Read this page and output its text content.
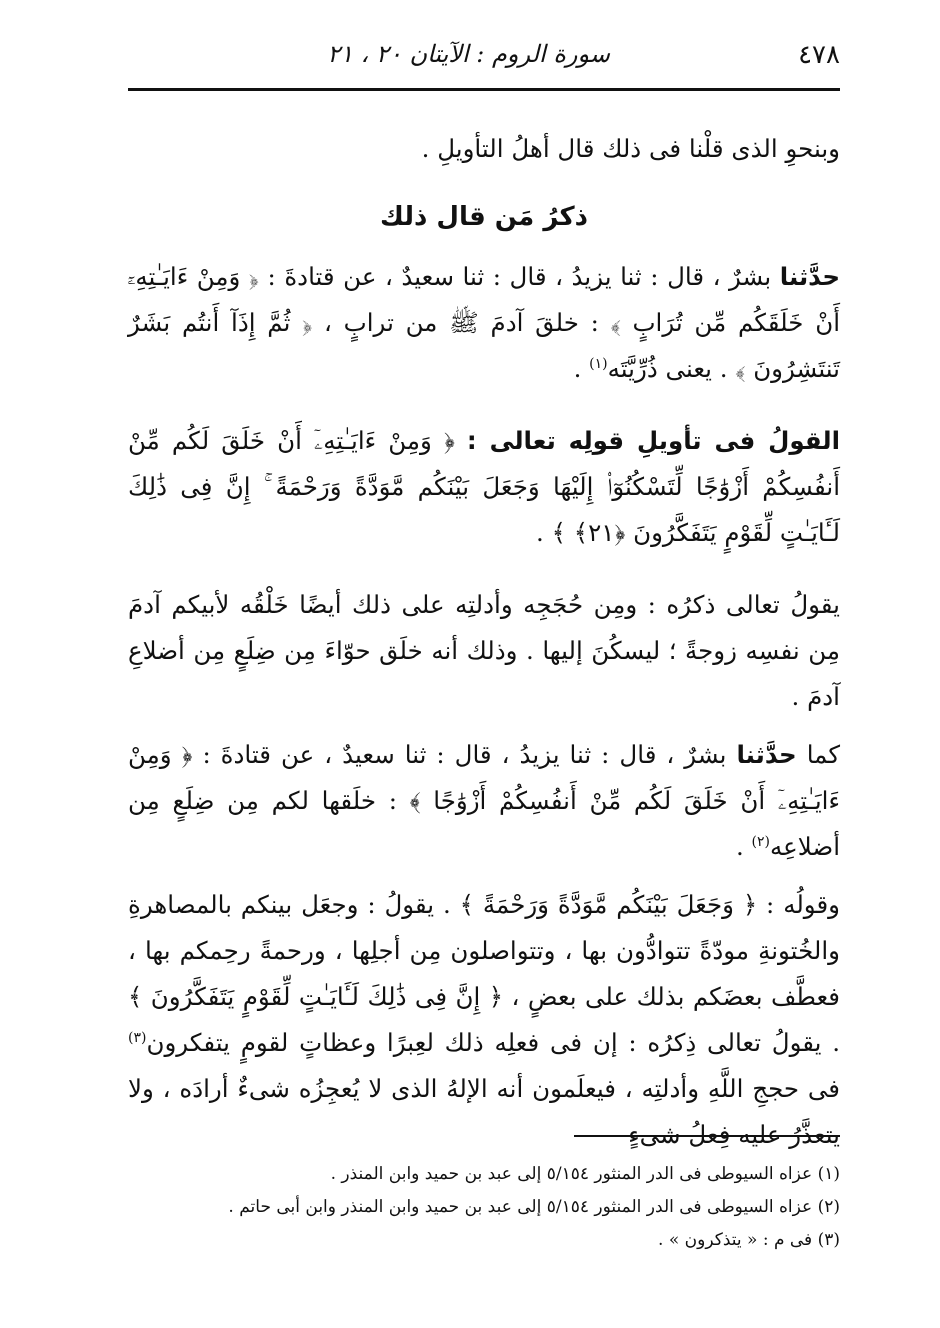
٤٧٨
سورة الروم : الآيتان ٢٠ ، ٢١

وبنحوِ الذى قلْنا فى ذلك قال أهلُ التأويلِ .

ذكرُ مَن قال ذلك

حدَّثنا بشرٌ ، قال : ثنا يزيدُ ، قال : ثنا سعيدٌ ، عن قتادةَ : ﴿ وَمِنْ ءَايَـٰتِهِۦٓ أَنْ خَلَقَكُم مِّن تُرَابٍ ﴾ : خلقَ آدمَ ﷺ من ترابٍ ، ﴿ ثُمَّ إِذَآ أَنتُم بَشَرٌ تَنتَشِرُونَ ﴾ . يعنى ذُرِّيَّتَه$^{(١)}$ .

القولُ فى تأويلِ قولِه تعالى : ﴿ وَمِنْ ءَايَـٰتِهِۦٓ أَنْ خَلَقَ لَكُم مِّنْ أَنفُسِكُمْ أَزْوَٰجًا لِّتَسْكُنُوٓا۟ إِلَيْهَا وَجَعَلَ بَيْنَكُم مَّوَدَّةً وَرَحْمَةً ۚ إِنَّ فِى ذَٰلِكَ لَـَٔايَـٰتٍ لِّقَوْمٍ يَتَفَكَّرُونَ ﴿٢١﴾ ﴾ .

يقولُ تعالى ذكرُه : ومِن حُجَجِه وأدلتِه على ذلك أيضًا خَلْقُه لأبيكم آدمَ مِن نفسِه زوجةً ؛ ليسكُنَ إليها . وذلك أنه خلَق حوّاءَ مِن ضِلَعٍ مِن أضلاعِ آدمَ .

كما حدَّثنا بشرٌ ، قال : ثنا يزيدُ ، قال : ثنا سعيدٌ ، عن قتادةَ : ﴿ وَمِنْ ءَايَـٰتِهِۦٓ أَنْ خَلَقَ لَكُم مِّنْ أَنفُسِكُمْ أَزْوَٰجًا ﴾ : خلَقها لكم مِن ضِلَعٍ مِن أضلاعِه$^{(٢)}$ .

وقولُه : ﴿ وَجَعَلَ بَيْنَكُم مَّوَدَّةً وَرَحْمَةً ﴾ . يقولُ : وجعَل بينكم بالمصاهرةِ والخُتونةِ مودّةً تتوادُّون بها ، وتتواصلون مِن أجلِها ، ورحمةً رحِمكم بها ، فعطَّف بعضَكم بذلك على بعضٍ ، ﴿ إِنَّ فِى ذَٰلِكَ لَـَٔايَـٰتٍ لِّقَوْمٍ يَتَفَكَّرُونَ ﴾ . يقولُ تعالى ذِكرُه : إن فى فعلِه ذلك لعِبرًا وعظاتٍ لقومٍ يتفكرون$^{(٣)}$ فى حججِ اللَّهِ وأدلتِه ، فيعلَمون أنه الإلهُ الذى لا يُعجِزُه شىءٌ أرادَه ، ولا يتعذَّرُ عليه فِعلُ شىءٍ

(١) عزاه السيوطى فى الدر المنثور ٥/١٥٤ إلى عبد بن حميد وابن المنذر .

(٢) عزاه السيوطى فى الدر المنثور ٥/١٥٤ إلى عبد بن حميد وابن المنذر وابن أبى حاتم .

(٣) فى م : « يتذكرون » .
